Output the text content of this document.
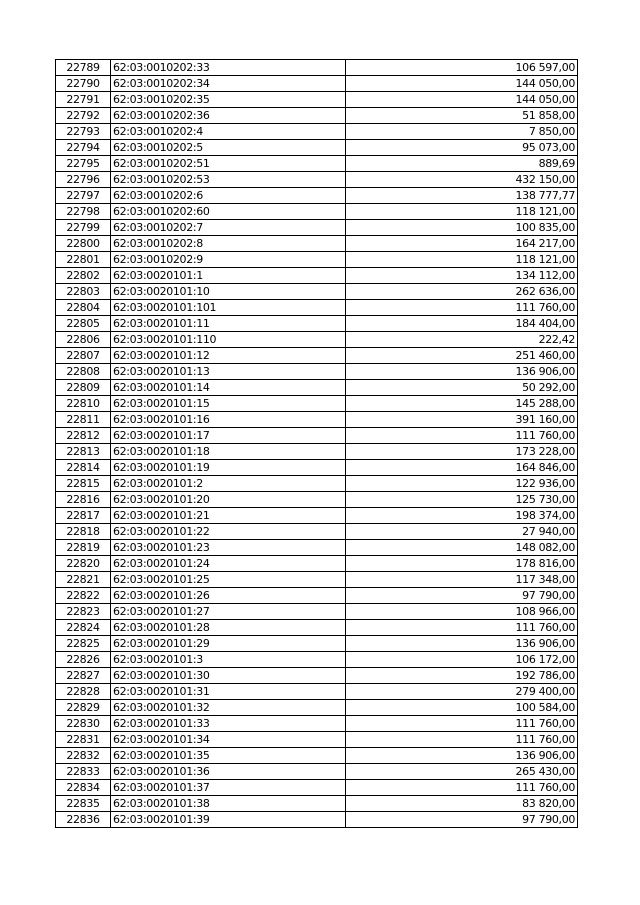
22789	62:03:0010202:33	106 597,00
22790	62:03:0010202:34	144 050,00
22791	62:03:0010202:35	144 050,00
22792	62:03:0010202:36	51 858,00
22793	62:03:0010202:4	7 850,00
22794	62:03:0010202:5	95 073,00
22795	62:03:0010202:51	889,69
22796	62:03:0010202:53	432 150,00
22797	62:03:0010202:6	138 777,77
22798	62:03:0010202:60	118 121,00
22799	62:03:0010202:7	100 835,00
22800	62:03:0010202:8	164 217,00
22801	62:03:0010202:9	118 121,00
22802	62:03:0020101:1	134 112,00
22803	62:03:0020101:10	262 636,00
22804	62:03:0020101:101	111 760,00
22805	62:03:0020101:11	184 404,00
22806	62:03:0020101:110	222,42
22807	62:03:0020101:12	251 460,00
22808	62:03:0020101:13	136 906,00
22809	62:03:0020101:14	50 292,00
22810	62:03:0020101:15	145 288,00
22811	62:03:0020101:16	391 160,00
22812	62:03:0020101:17	111 760,00
22813	62:03:0020101:18	173 228,00
22814	62:03:0020101:19	164 846,00
22815	62:03:0020101:2	122 936,00
22816	62:03:0020101:20	125 730,00
22817	62:03:0020101:21	198 374,00
22818	62:03:0020101:22	27 940,00
22819	62:03:0020101:23	148 082,00
22820	62:03:0020101:24	178 816,00
22821	62:03:0020101:25	117 348,00
22822	62:03:0020101:26	97 790,00
22823	62:03:0020101:27	108 966,00
22824	62:03:0020101:28	111 760,00
22825	62:03:0020101:29	136 906,00
22826	62:03:0020101:3	106 172,00
22827	62:03:0020101:30	192 786,00
22828	62:03:0020101:31	279 400,00
22829	62:03:0020101:32	100 584,00
22830	62:03:0020101:33	111 760,00
22831	62:03:0020101:34	111 760,00
22832	62:03:0020101:35	136 906,00
22833	62:03:0020101:36	265 430,00
22834	62:03:0020101:37	111 760,00
22835	62:03:0020101:38	83 820,00
22836	62:03:0020101:39	97 790,00
